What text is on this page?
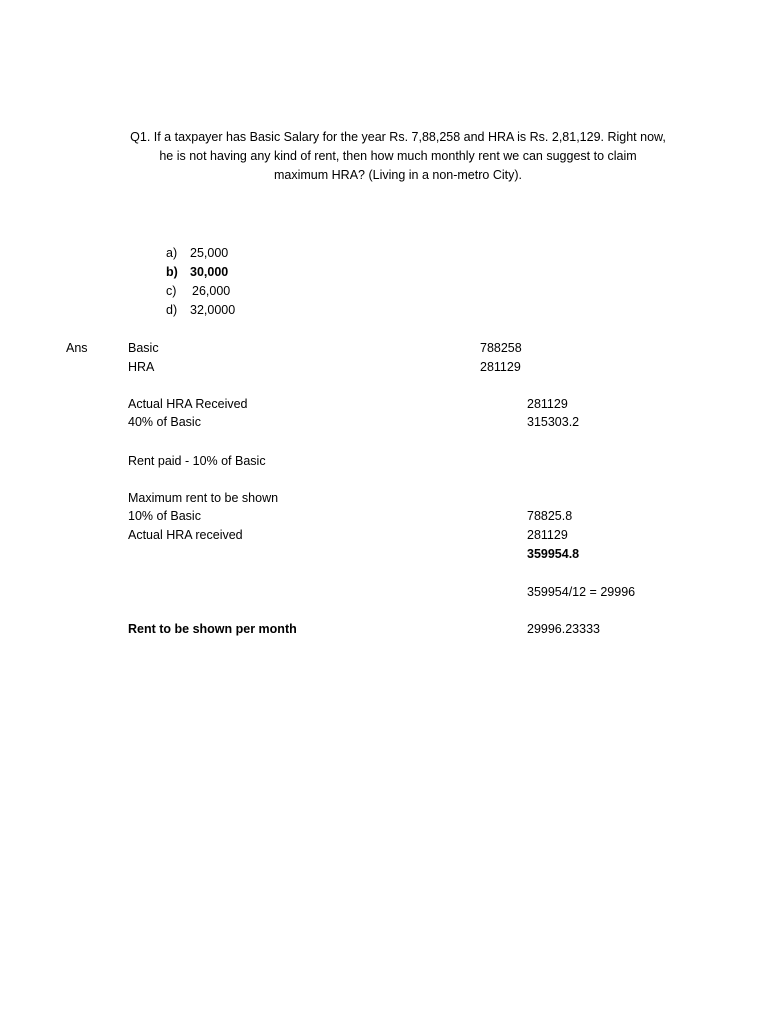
Q1. If a taxpayer has Basic Salary for the year Rs. 7,88,258 and HRA is Rs. 2,81,129. Right now,
he is not having any kind of rent, then how much monthly rent we can suggest to claim
maximum HRA? (Living in a non-metro City).
a) 25,000
b) 30,000
c) 26,000
d) 32,0000
Ans	Basic	788258
HRA	281129
Actual HRA Received	281129
40% of Basic	315303.2
Rent paid - 10% of Basic
Maximum rent to be shown
10% of Basic	78825.8
Actual HRA received	281129
359954.8
359954/12 = 29996
Rent to be shown per month	29996.23333
